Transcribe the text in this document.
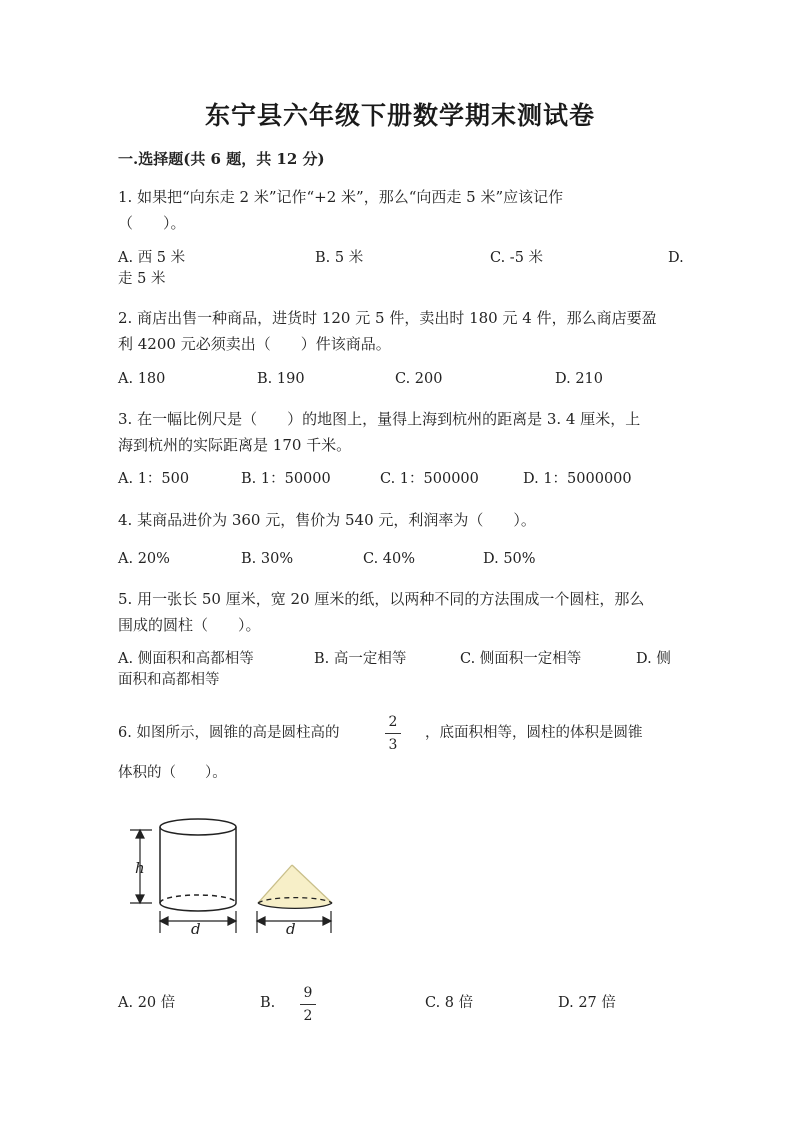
东宁县六年级下册数学期末测试卷
一.选择题(共 6 题，共 12 分)
1. 如果把“向东走 2 米”记作“+2 米”，那么“向西走 5 米”应该记作
（　　）。
A. 西 5 米	B. 5 米	C. -5 米	D.
走 5 米
2. 商店出售一种商品，进货时 120 元 5 件，卖出时 180 元 4 件，那么商店要盈
利 4200 元必须卖出（　　）件该商品。
A. 180	B. 190	C. 200	D. 210
3. 在一幅比例尺是（　　）的地图上，量得上海到杭州的距离是 3. 4 厘米，上
海到杭州的实际距离是 170 千米。
A. 1：500	B. 1：50000	C. 1：500000	D. 1：5000000
4. 某商品进价为 360 元，售价为 540 元，利润率为（　　）。
A. 20%	B. 30%	C. 40%	D. 50%
5. 用一张长 50 厘米，宽 20 厘米的纸，以两种不同的方法围成一个圆柱，那么
围成的圆柱（　　）。
A. 侧面积和高都相等	B. 高一定相等	C. 侧面积一定相等	D. 侧
面积和高都相等
6. 如图所示，圆锥的高是圆柱高的
2
3
，底面积相等，圆柱的体积是圆锥
体积的（　　）。
h
d	d
A. 20 倍	B.
9
2
C. 8 倍	D. 27 倍
